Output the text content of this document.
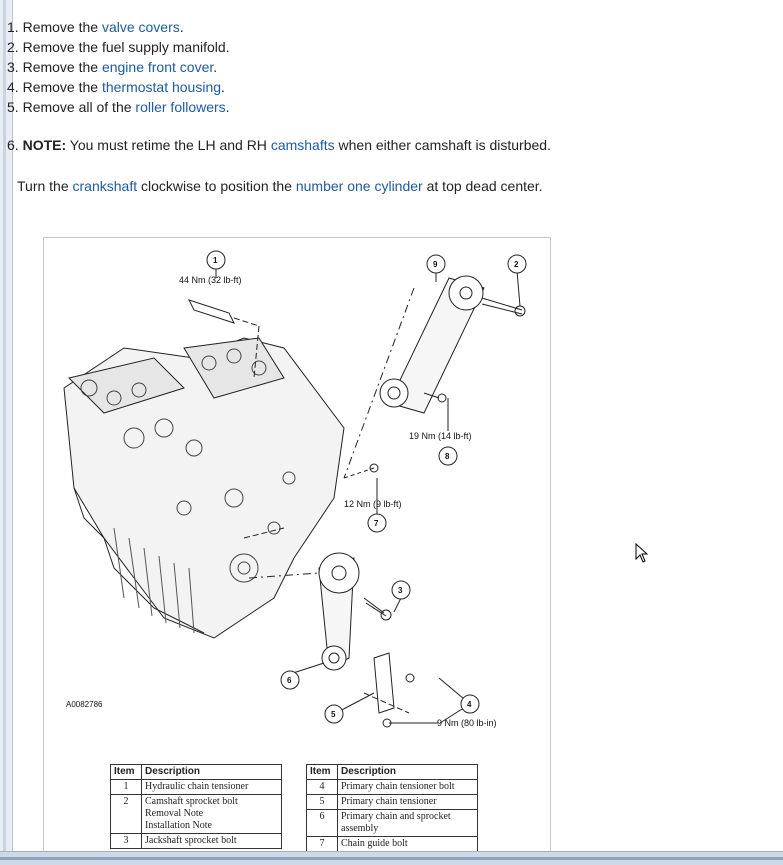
1. Remove the valve covers.
2. Remove the fuel supply manifold.
3. Remove the engine front cover.
4. Remove the thermostat housing.
5. Remove all of the roller followers.
6. NOTE: You must retime the LH and RH camshafts when either camshaft is disturbed.
Turn the crankshaft clockwise to position the number one cylinder at top dead center.
44 Nm (32 lb-ft)
19 Nm (14 lb-ft)
12 Nm (9 lb-ft)
9 Nm (80 lb-in)
A0082786
1	2
3
4
5
6
7
8
9
Item	Description
1	Hydraulic chain tensioner
2	Camshaft sprocket bolt
Removal Note
Installation Note

3	Jackshaft sprocket bolt
Item	Description
4	Primary chain tensioner bolt
5	Primary chain tensioner
6	Primary chain and sprocket
assembly

7	Chain guide bolt
